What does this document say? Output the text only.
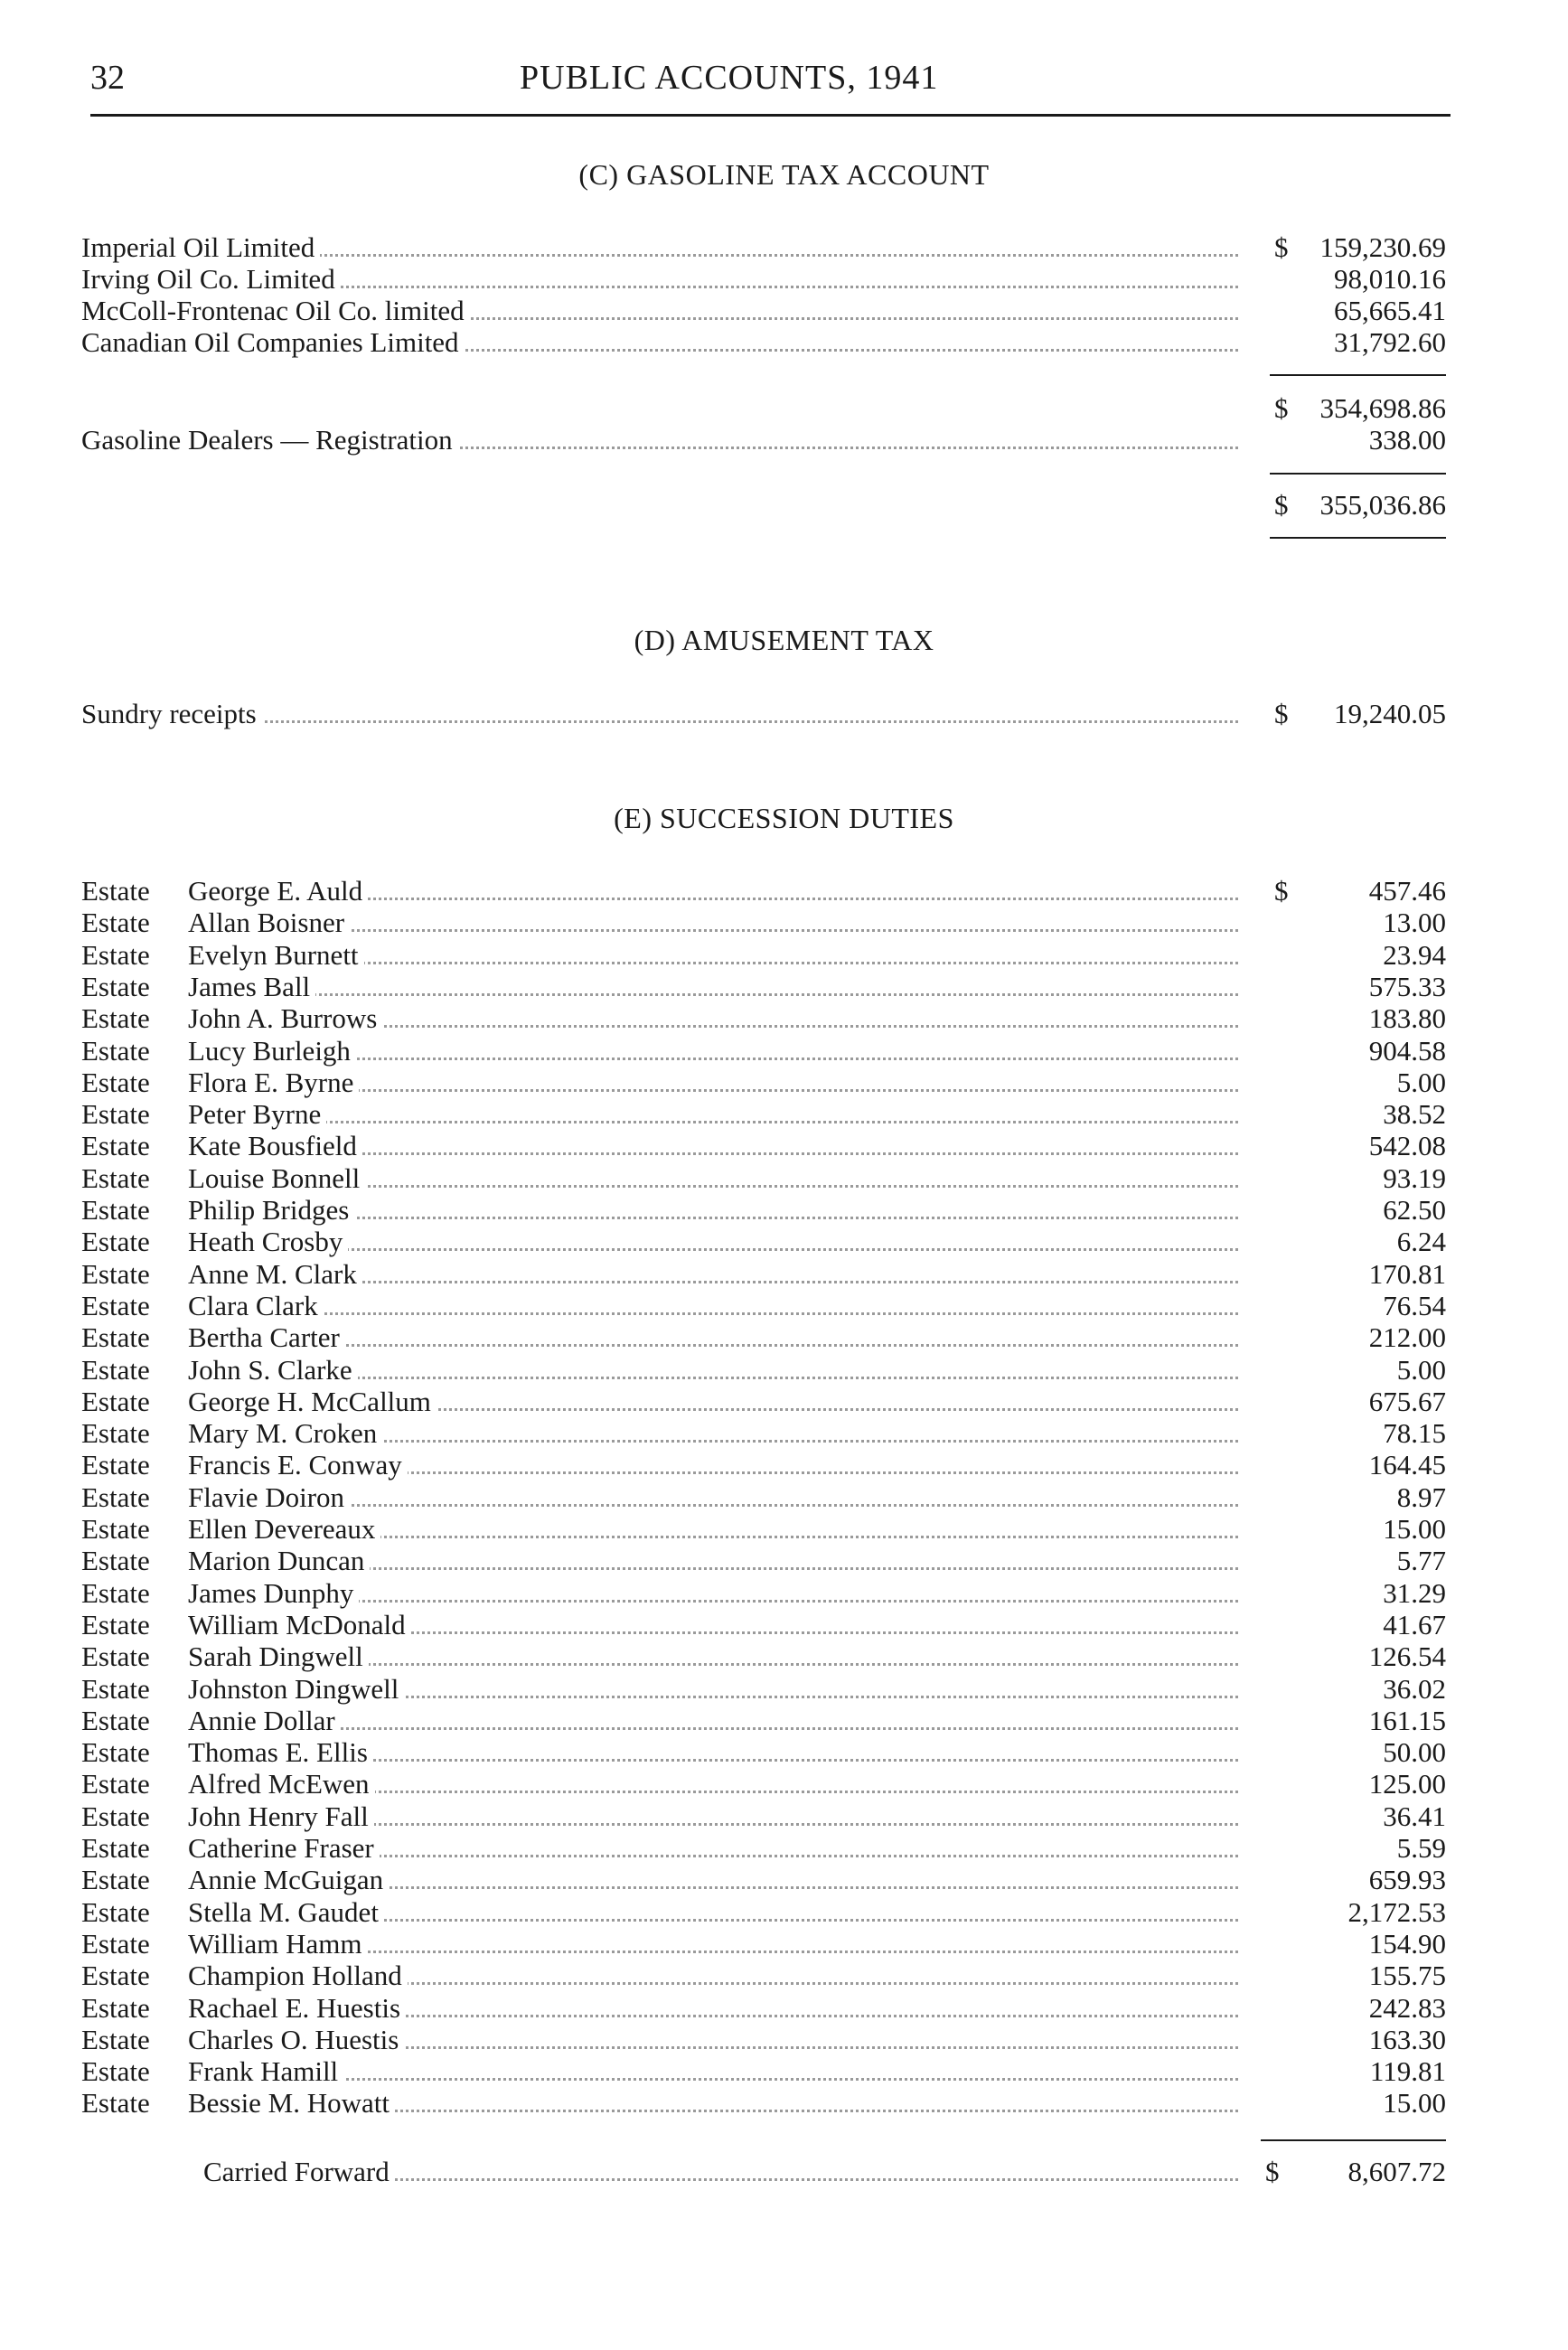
32	PUBLIC ACCOUNTS, 1941
(C) GASOLINE TAX ACCOUNT
Imperial Oil Limited	$ 159,230.69
Irving Oil Co. Limited	98,010.16
McColl-Frontenac Oil Co. limited	65,665.41
Canadian Oil Companies Limited	31,792.60
$ 354,698.86
Gasoline Dealers — Registration	338.00
$ 355,036.86
(D) AMUSEMENT TAX
Sundry receipts	$ 19,240.05
(E) SUCCESSION DUTIES
Estate George E. Auld	$	457.46
Estate Allan Boisner	13.00
Estate Evelyn Burnett	23.94
Estate James Ball	575.33
Estate John A. Burrows	183.80
Estate Lucy Burleigh	904.58
Estate Flora E. Byrne	5.00
Estate Peter Byrne	38.52
Estate Kate Bousfield	542.08
Estate Louise Bonnell	93.19
Estate Philip Bridges	62.50
Estate Heath Crosby	6.24
Estate Anne M. Clark	170.81
Estate Clara Clark	76.54
Estate Bertha Carter	212.00
Estate John S. Clarke	5.00
Estate George H. McCallum	675.67
Estate Mary M. Croken	78.15
Estate Francis E. Conway	164.45
Estate Flavie Doiron	8.97
Estate Ellen Devereaux	15.00
Estate Marion Duncan	5.77
Estate James Dunphy	31.29
Estate William McDonald	41.67
Estate Sarah Dingwell	126.54
Estate Johnston Dingwell	36.02
Estate Annie Dollar	161.15
Estate Thomas E. Ellis	50.00
Estate Alfred McEwen	125.00
Estate John Henry Fall	36.41
Estate Catherine Fraser	5.59
Estate Annie McGuigan	659.93
Estate Stella M. Gaudet	2,172.53
Estate William Hamm	154.90
Estate Champion Holland	155.75
Estate Rachael E. Huestis	242.83
Estate Charles O. Huestis	163.30
Estate Frank Hamill	119.81
Estate Bessie M. Howatt	15.00
Carried Forward	$ 8,607.72
